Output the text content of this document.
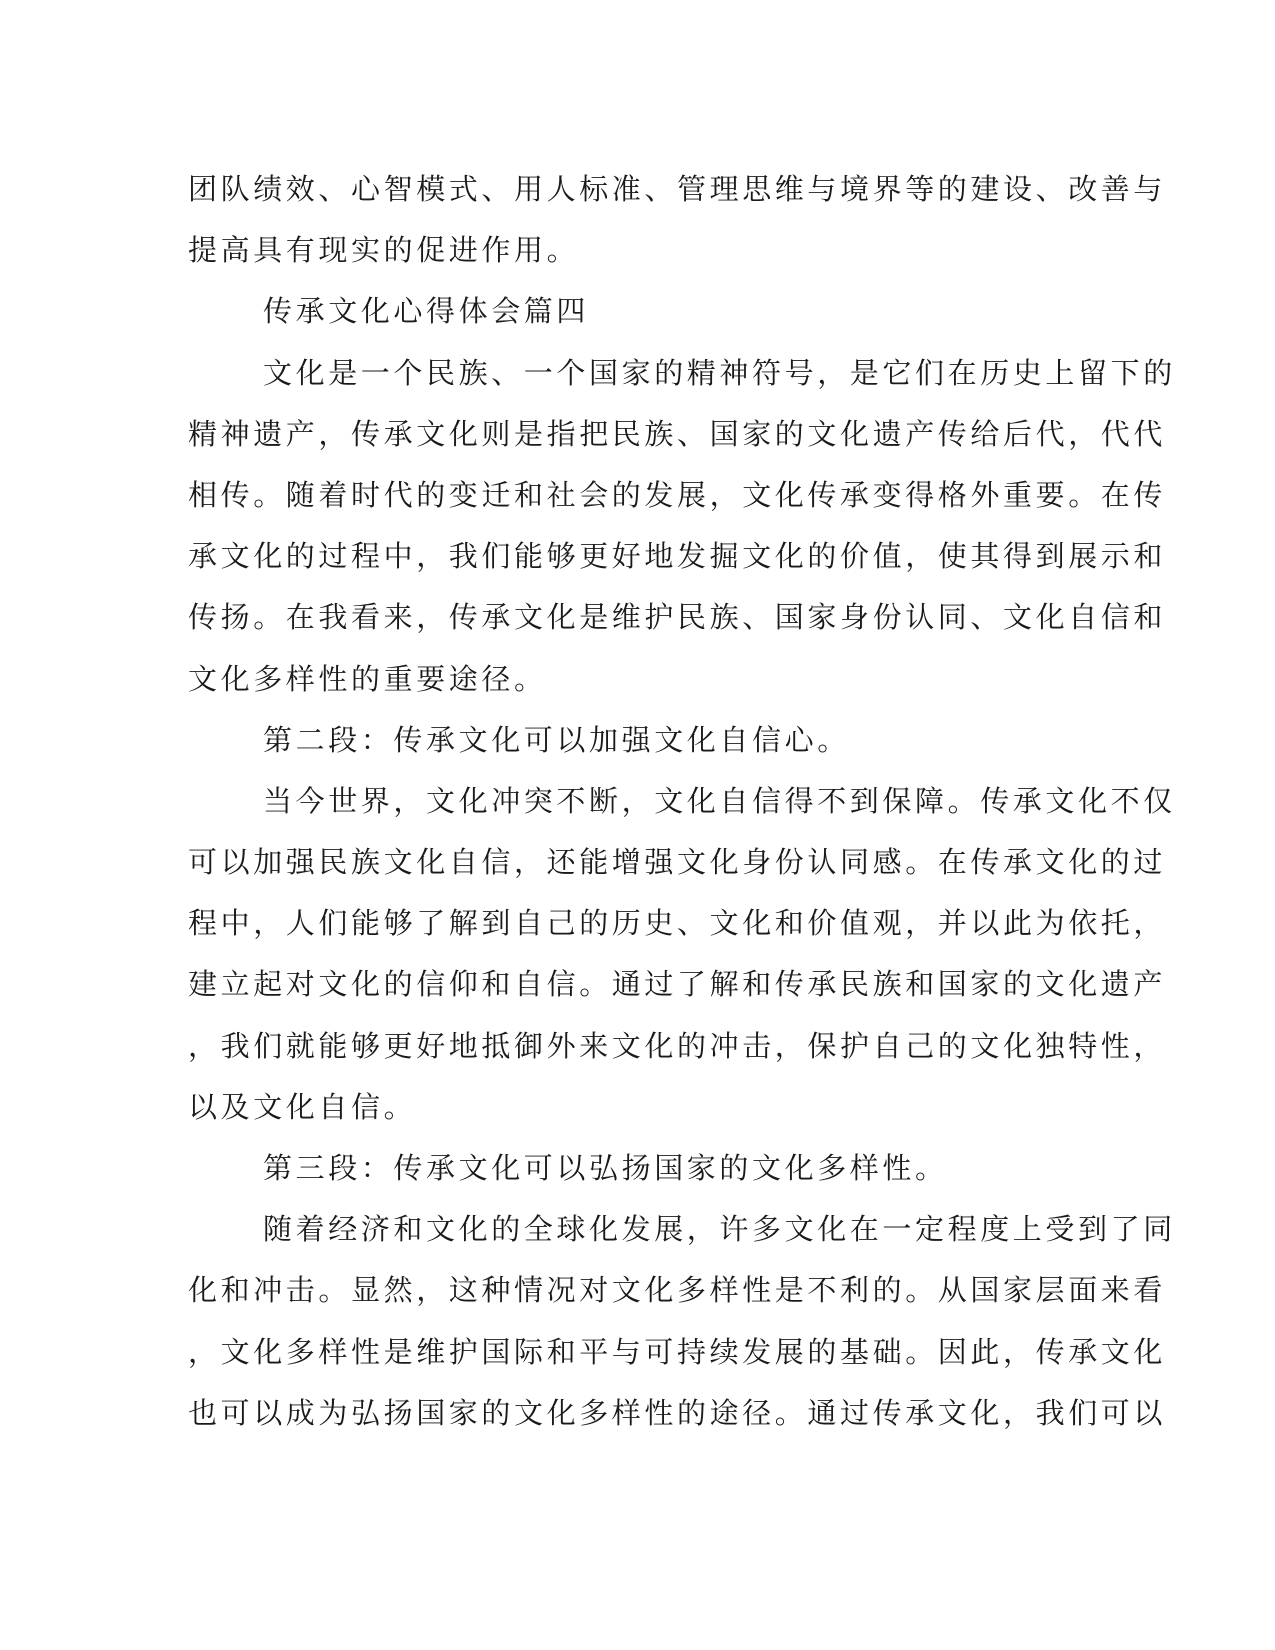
团队绩效、心智模式、用人标准、管理思维与境界等的建设、改善与
提高具有现实的促进作用。
传承文化心得体会篇四
文化是一个民族、一个国家的精神符号，是它们在历史上留下的
精神遗产，传承文化则是指把民族、国家的文化遗产传给后代，代代
相传。随着时代的变迁和社会的发展，文化传承变得格外重要。在传
承文化的过程中，我们能够更好地发掘文化的价值，使其得到展示和
传扬。在我看来，传承文化是维护民族、国家身份认同、文化自信和
文化多样性的重要途径。
第二段：传承文化可以加强文化自信心。
当今世界，文化冲突不断，文化自信得不到保障。传承文化不仅
可以加强民族文化自信，还能增强文化身份认同感。在传承文化的过
程中，人们能够了解到自己的历史、文化和价值观，并以此为依托，
建立起对文化的信仰和自信。通过了解和传承民族和国家的文化遗产
，我们就能够更好地抵御外来文化的冲击，保护自己的文化独特性，
以及文化自信。
第三段：传承文化可以弘扬国家的文化多样性。
随着经济和文化的全球化发展，许多文化在一定程度上受到了同
化和冲击。显然，这种情况对文化多样性是不利的。从国家层面来看
，文化多样性是维护国际和平与可持续发展的基础。因此，传承文化
也可以成为弘扬国家的文化多样性的途径。通过传承文化，我们可以
